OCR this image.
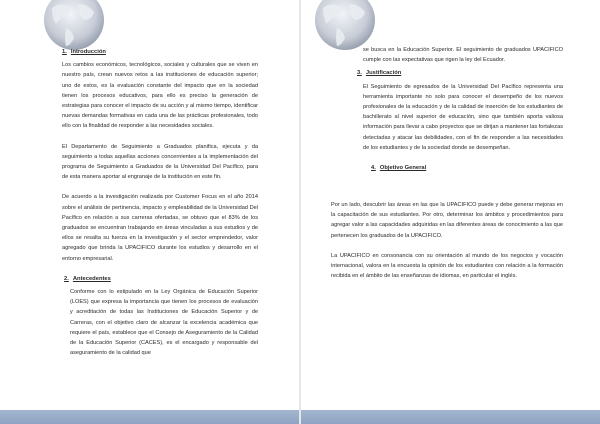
1. Introducción

Los cambios económicos, tecnológicos, sociales y culturales que se viven en nuestro país, crean nuevos retos a las instituciones de educación superior; uno de estos, es la evaluación constante del impacto que en la sociedad tienen los procesos educativos, para ello es preciso la generación de estrategias para conocer el impacto de su acción y al mismo tiempo, identificar nuevas demandas formativas en cada una de las prácticas profesionales, todo ello con la finalidad de responder a las necesidades sociales.

El Departamento de Seguimiento a Graduados planifica, ejecuta y da seguimiento a todas aquellas acciones concernientes a la implementación del programa de Seguimiento a Graduados de la Universidad Del Pacífico, para de esta manera aportar al engranaje de la institución en este fin.

De acuerdo a la investigación realizada por Customer Focus en el año 2014 sobre el análisis de pertinencia, impacto y empleabilidad de la Universidad Del Pacífico en relación a sus carreras ofertadas, se obtuvo que el 83% de los graduados se encuentran trabajando en áreas vinculadas a sus estudios y de ellos se resalta su fuerza en la investigación y el sector emprendedor, valor agregado que brinda la UPACIFICO durante los estudios y desarrollo en el entorno empresarial.

2. Antecedentes

Conforme con lo estipulado en la Ley Orgánica de Educación Superior (LOES) que expresa la importancia que tienen los procesos de evaluación y acreditación de todas las Instituciones de Educación Superior y de Carreras, con el objetivo claro de alcanzar la excelencia académica que requiere el país, establece que el Consejo de Aseguramiento de la Calidad de la Educación Superior (CACES), es el encargado y responsable del aseguramiento de la calidad que

se busca en la Educación Superior. El seguimiento de graduados UPACIFICO cumple con las expectativas que rigen la ley del Ecuador.

3. Justificación

El Seguimiento de egresados de la Universidad Del Pacífico representa una herramienta importante no solo para conocer el desempeño de los nuevos profesionales de la educación y de la calidad de inserción de los estudiantes de bachillerato al nivel superior de educación, sino que también aporta valiosa información para llevar a cabo proyectos que se dirijan a mantener las fortalezas detectadas y atacar las debilidades, con el fin de responder a las necesidades de los estudiantes y de la sociedad donde se desempeñan.

4. Objetivo General

Por un lado, descubrir las áreas en las que la UPACIFICO puede y debe generar mejoras en la capacitación de sus estudiantes. Por otro, determinar los ámbitos y procedimientos para agregar valor a las capacidades adquiridas en las diferentes áreas de conocimiento a las que pertenecen los graduados de la UPACIFICO.

La UPACIFICO en consonancia con su orientación al mundo de los negocios y vocación internacional, valora en la encuesta la opinión de los estudiantes con relación a la formación recibida en el ámbito de las enseñanzas de idiomas, en particular el inglés.
